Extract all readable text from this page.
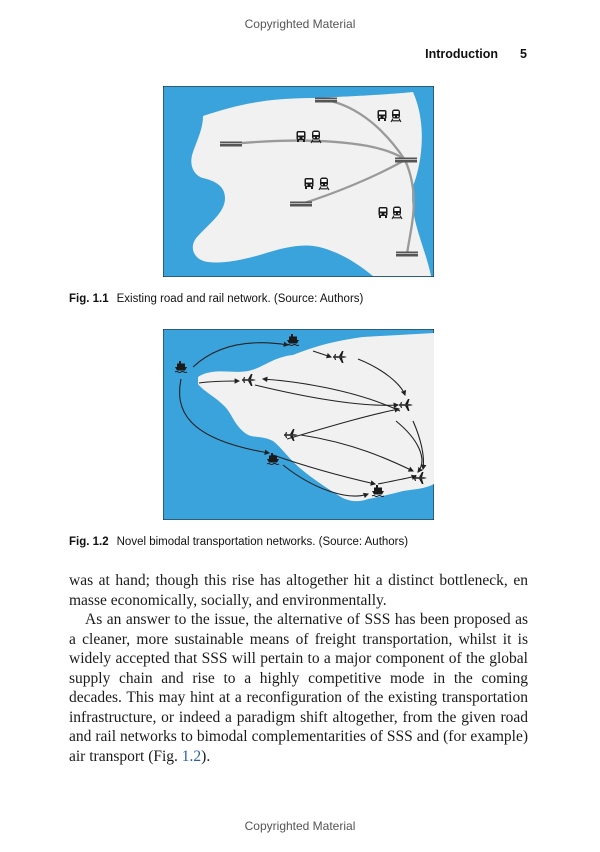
Copyrighted Material
Introduction 5
Fig. 1.1 Existing road and rail network. (Source: Authors)
Fig. 1.2 Novel bimodal transportation networks. (Source: Authors)

was at hand; though this rise has altogether hit a distinct bottleneck, en masse economically, socially, and environmentally.

As an answer to the issue, the alternative of SSS has been proposed as a cleaner, more sustainable means of freight transportation, whilst it is widely accepted that SSS will pertain to a major component of the global supply chain and rise to a highly competitive mode in the coming decades. This may hint at a reconfiguration of the existing transportation infrastructure, or indeed a paradigm shift altogether, from the given road and rail networks to bimodal complementarities of SSS and (for example) air transport (Fig. 1.2).

Copyrighted Material
